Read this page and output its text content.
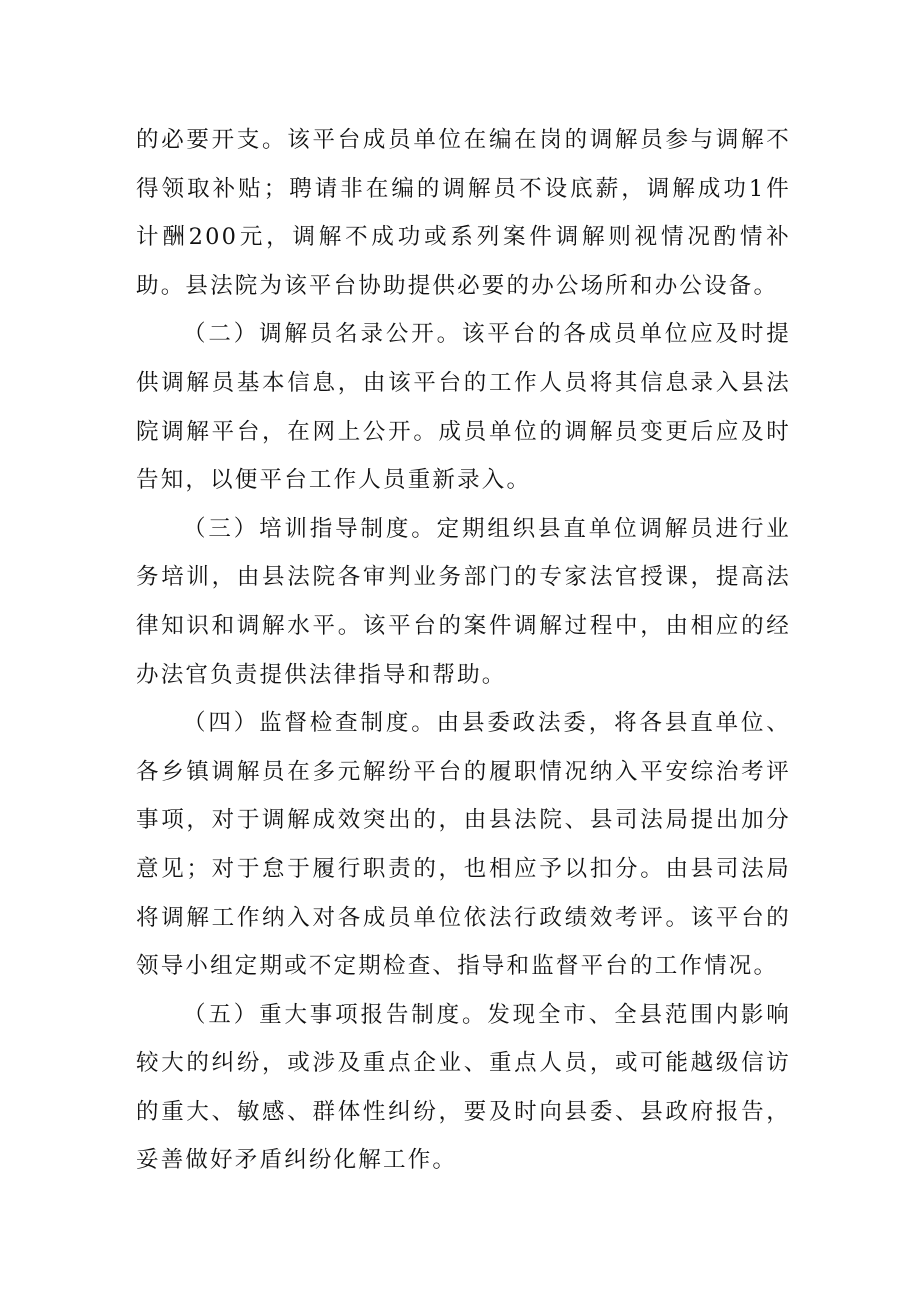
的必要开支。该平台成员单位在编在岗的调解员参与调解不得领取补贴；聘请非在编的调解员不设底薪，调解成功1件计酬200元，调解不成功或系列案件调解则视情况酌情补助。县法院为该平台协助提供必要的办公场所和办公设备。

（二）调解员名录公开。该平台的各成员单位应及时提供调解员基本信息，由该平台的工作人员将其信息录入县法院调解平台，在网上公开。成员单位的调解员变更后应及时告知，以便平台工作人员重新录入。

（三）培训指导制度。定期组织县直单位调解员进行业务培训，由县法院各审判业务部门的专家法官授课，提高法律知识和调解水平。该平台的案件调解过程中，由相应的经办法官负责提供法律指导和帮助。

（四）监督检查制度。由县委政法委，将各县直单位、各乡镇调解员在多元解纷平台的履职情况纳入平安综治考评事项，对于调解成效突出的，由县法院、县司法局提出加分意见；对于怠于履行职责的，也相应予以扣分。由县司法局将调解工作纳入对各成员单位依法行政绩效考评。该平台的领导小组定期或不定期检查、指导和监督平台的工作情况。

（五）重大事项报告制度。发现全市、全县范围内影响较大的纠纷，或涉及重点企业、重点人员，或可能越级信访的重大、敏感、群体性纠纷，要及时向县委、县政府报告，妥善做好矛盾纠纷化解工作。
